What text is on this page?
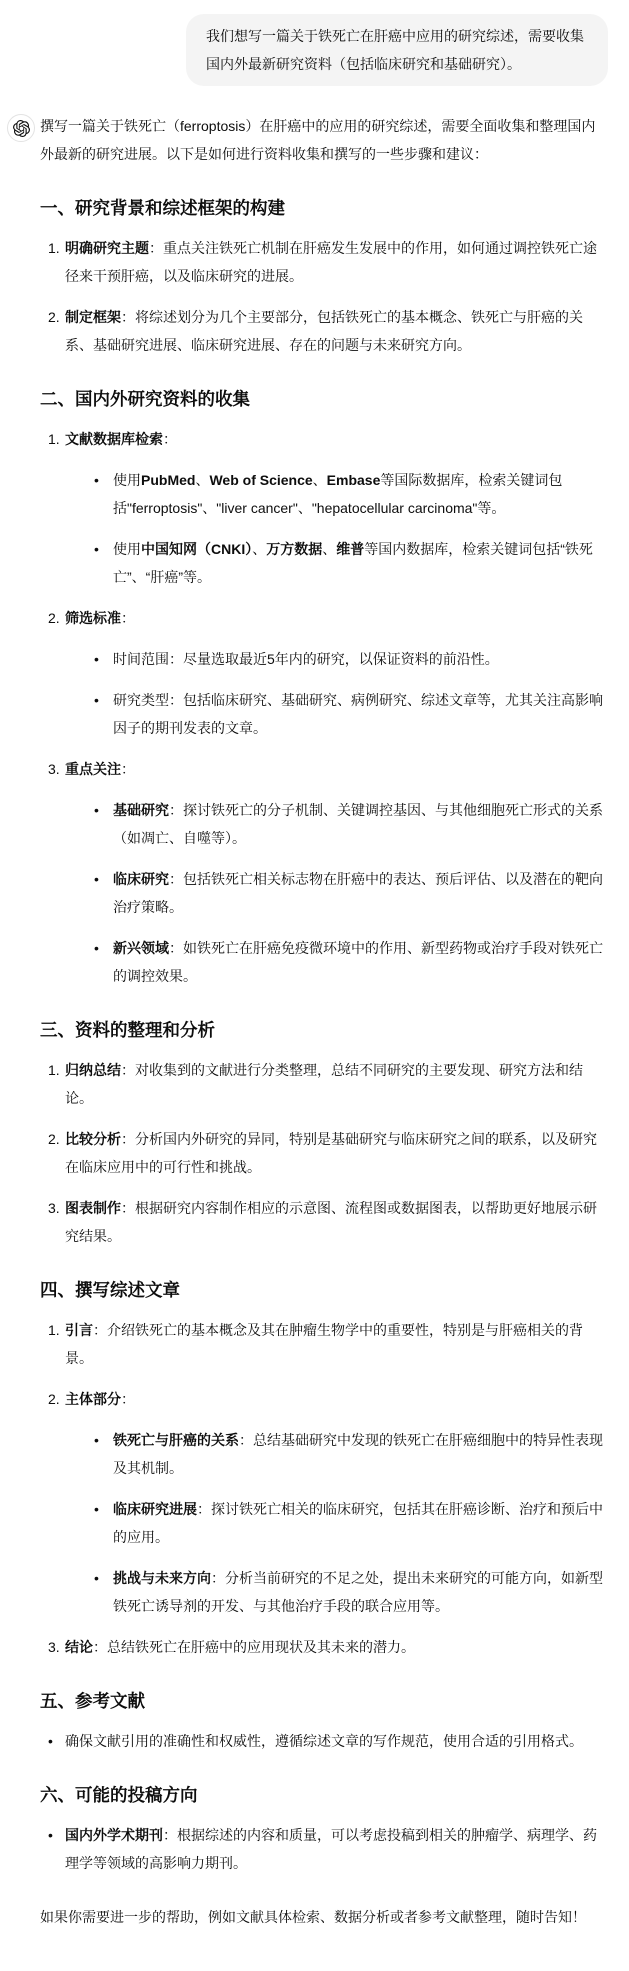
我们想写一篇关于铁死亡在肝癌中应用的研究综述，需要收集国内外最新研究资料（包括临床研究和基础研究）。

撰写一篇关于铁死亡（ferroptosis）在肝癌中的应用的研究综述，需要全面收集和整理国内外最新的研究进展。以下是如何进行资料收集和撰写的一些步骤和建议：

一、研究背景和综述框架的构建
1. 明确研究主题：重点关注铁死亡机制在肝癌发生发展中的作用，如何通过调控铁死亡途径来干预肝癌，以及临床研究的进展。
2. 制定框架：将综述划分为几个主要部分，包括铁死亡的基本概念、铁死亡与肝癌的关系、基础研究进展、临床研究进展、存在的问题与未来研究方向。
二、国内外研究资料的收集
1. 文献数据库检索：
• 使用PubMed、Web of Science、Embase等国际数据库，检索关键词包括"ferroptosis"、"liver cancer"、"hepatocellular carcinoma"等。
• 使用中国知网（CNKI）、万方数据、维普等国内数据库，检索关键词包括“铁死亡”、“肝癌”等。
2. 筛选标准：
• 时间范围：尽量选取最近5年内的研究，以保证资料的前沿性。
• 研究类型：包括临床研究、基础研究、病例研究、综述文章等，尤其关注高影响因子的期刊发表的文章。
3. 重点关注：
• 基础研究：探讨铁死亡的分子机制、关键调控基因、与其他细胞死亡形式的关系（如凋亡、自噬等）。
• 临床研究：包括铁死亡相关标志物在肝癌中的表达、预后评估、以及潜在的靶向治疗策略。
• 新兴领域：如铁死亡在肝癌免疫微环境中的作用、新型药物或治疗手段对铁死亡的调控效果。
三、资料的整理和分析
1. 归纳总结：对收集到的文献进行分类整理，总结不同研究的主要发现、研究方法和结论。
2. 比较分析：分析国内外研究的异同，特别是基础研究与临床研究之间的联系，以及研究在临床应用中的可行性和挑战。
3. 图表制作：根据研究内容制作相应的示意图、流程图或数据图表，以帮助更好地展示研究结果。
四、撰写综述文章
1. 引言：介绍铁死亡的基本概念及其在肿瘤生物学中的重要性，特别是与肝癌相关的背景。
2. 主体部分：
• 铁死亡与肝癌的关系：总结基础研究中发现的铁死亡在肝癌细胞中的特异性表现及其机制。
• 临床研究进展：探讨铁死亡相关的临床研究，包括其在肝癌诊断、治疗和预后中的应用。
• 挑战与未来方向：分析当前研究的不足之处，提出未来研究的可能方向，如新型铁死亡诱导剂的开发、与其他治疗手段的联合应用等。
3. 结论：总结铁死亡在肝癌中的应用现状及其未来的潜力。
五、参考文献
• 确保文献引用的准确性和权威性，遵循综述文章的写作规范，使用合适的引用格式。
六、可能的投稿方向
• 国内外学术期刊：根据综述的内容和质量，可以考虑投稿到相关的肿瘤学、病理学、药理学等领域的高影响力期刊。

如果你需要进一步的帮助，例如文献具体检索、数据分析或者参考文献整理，随时告知！
